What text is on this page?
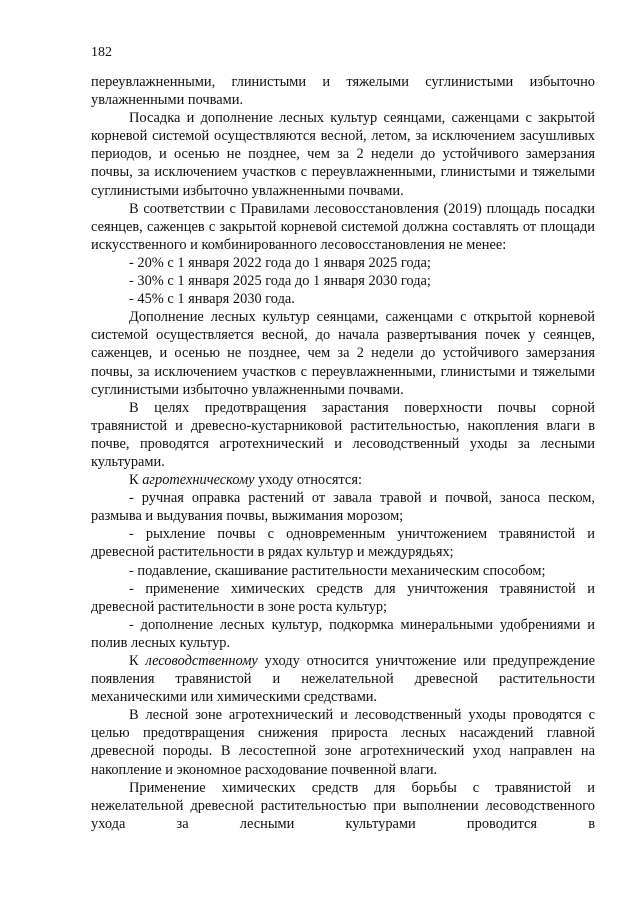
182

переувлажненными, глинистыми и тяжелыми суглинистыми избыточно увлажненными почвами.

Посадка и дополнение лесных культур сеянцами, саженцами с закрытой корневой системой осуществляются весной, летом, за исключением засушливых периодов, и осенью не позднее, чем за 2 недели до устойчивого замерзания почвы, за исключением участков с переувлажненными, глинистыми и тяжелыми суглинистыми избыточно увлажненными почвами.

В соответствии с Правилами лесовосстановления (2019) площадь посадки сеянцев, саженцев с закрытой корневой системой должна составлять от площади искусственного и комбинированного лесовосстановления не менее:

- 20% с 1 января 2022 года до 1 января 2025 года;

- 30% с 1 января 2025 года до 1 января 2030 года;

- 45% с 1 января 2030 года.

Дополнение лесных культур сеянцами, саженцами с открытой корневой системой осуществляется весной, до начала развертывания почек у сеянцев, саженцев, и осенью не позднее, чем за 2 недели до устойчивого замерзания почвы, за исключением участков с переувлажненными, глинистыми и тяжелыми суглинистыми избыточно увлажненными почвами.

В целях предотвращения зарастания поверхности почвы сорной травянистой и древесно-кустарниковой растительностью, накопления влаги в почве, проводятся агротехнический и лесоводственный уходы за лесными культурами.

К агротехническому уходу относятся:

- ручная оправка растений от завала травой и почвой, заноса песком, размыва и выдувания почвы, выжимания морозом;

- рыхление почвы с одновременным уничтожением травянистой и древесной растительности в рядах культур и междурядьях;

- подавление, скашивание растительности механическим способом;

- применение химических средств для уничтожения травянистой и древесной растительности в зоне роста культур;

- дополнение лесных культур, подкормка минеральными удобрениями и полив лесных культур.

К лесоводственному уходу относится уничтожение или предупреждение появления травянистой и нежелательной древесной растительности механическими или химическими средствами.

В лесной зоне агротехнический и лесоводственный уходы проводятся с целью предотвращения снижения прироста лесных насаждений главной древесной породы. В лесостепной зоне агротехнический уход направлен на накопление и экономное расходование почвенной влаги.

Применение химических средств для борьбы с травянистой и нежелательной древесной растительностью при выполнении лесоводственного ухода за лесными культурами проводится в
